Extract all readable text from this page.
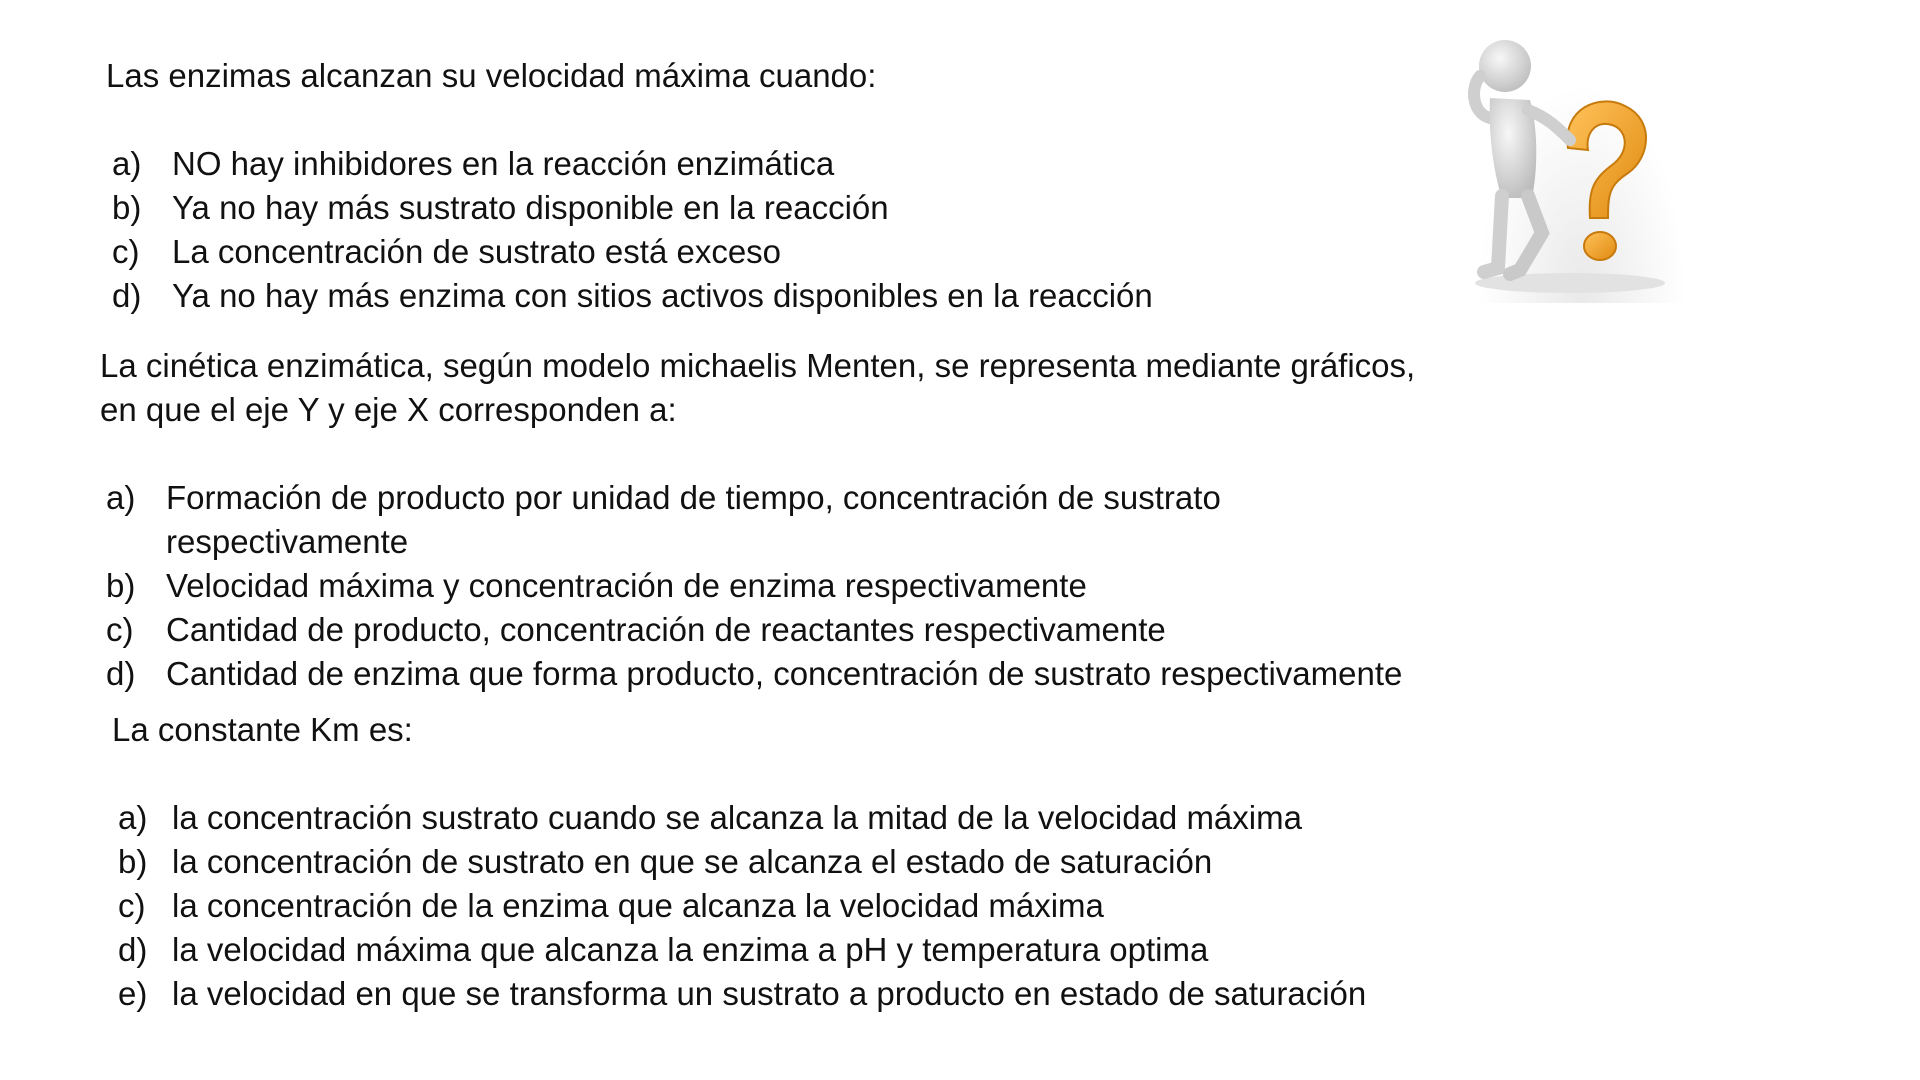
Las enzimas alcanzan su velocidad máxima cuando:

a) NO hay inhibidores en la reacción enzimática
b) Ya no hay más sustrato disponible en la reacción
c) La concentración de sustrato está exceso
d) Ya no hay más enzima con sitios activos disponibles en la reacción

La cinética enzimática, según modelo michaelis Menten, se representa mediante gráficos,
en que el eje Y y eje X corresponden a:

a) Formación de producto por unidad de tiempo, concentración de sustrato respectivamente
b) Velocidad máxima y concentración de enzima respectivamente
c) Cantidad de producto, concentración de reactantes respectivamente
d) Cantidad de enzima que forma producto, concentración de sustrato respectivamente

La constante Km es:

a) la concentración sustrato cuando se alcanza la mitad de la velocidad máxima
b) la concentración de sustrato en que se alcanza el estado de saturación
c) la concentración de la enzima que alcanza la velocidad máxima
d) la velocidad máxima que alcanza la enzima a pH y temperatura optima
e) la velocidad en que se transforma un sustrato a producto en estado de saturación
